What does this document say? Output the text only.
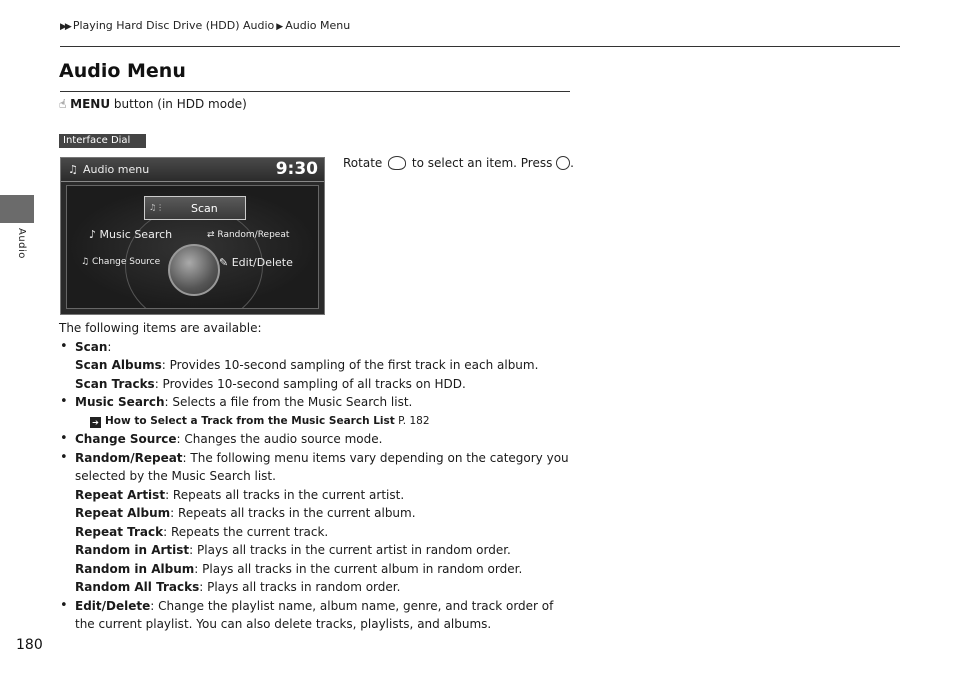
▶▶ Playing Hard Disc Drive (HDD) Audio ▶ Audio Menu
Audio
Audio Menu
☝ MENU button (in HDD mode)
Interface Dial
♫ Audio menu	9:30
♫⋮ Scan
♪ Music Search	⇄ Random/Repeat
♫ Change Source	✎ Edit/Delete
Rotate  to select an item. Press .
The following items are available:
• Scan:
Scan Albums: Provides 10-second sampling of the first track in each album.
Scan Tracks: Provides 10-second sampling of all tracks on HDD.
• Music Search: Selects a file from the Music Search list.
➔ How to Select a Track from the Music Search List P. 182
• Change Source: Changes the audio source mode.
• Random/Repeat: The following menu items vary depending on the category you selected by the Music Search list.
Repeat Artist: Repeats all tracks in the current artist.
Repeat Album: Repeats all tracks in the current album.
Repeat Track: Repeats the current track.
Random in Artist: Plays all tracks in the current artist in random order.
Random in Album: Plays all tracks in the current album in random order.
Random All Tracks: Plays all tracks in random order.
• Edit/Delete: Change the playlist name, album name, genre, and track order of the current playlist. You can also delete tracks, playlists, and albums.
180
